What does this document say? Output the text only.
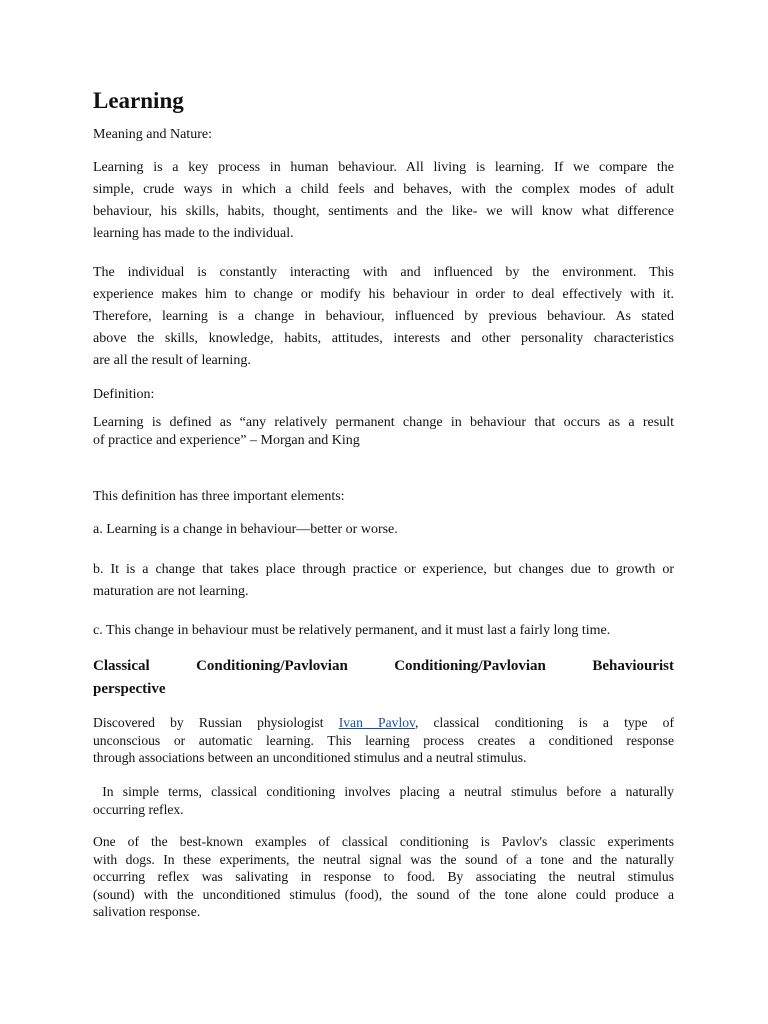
Learning
Meaning and Nature:
Learning is a key process in human behaviour. All living is learning. If we compare the
simple, crude ways in which a child feels and behaves, with the complex modes of adult
behaviour, his skills, habits, thought, sentiments and the like- we will know what difference
learning has made to the individual.
The individual is constantly interacting with and influenced by the environment. This
experience makes him to change or modify his behaviour in order to deal effectively with it.
Therefore, learning is a change in behaviour, influenced by previous behaviour. As stated
above the skills, knowledge, habits, attitudes, interests and other personality characteristics
are all the result of learning.
Definition:
Learning is defined as “any relatively permanent change in behaviour that occurs as a result
of practice and experience” – Morgan and King
This definition has three important elements:
a. Learning is a change in behaviour—better or worse.
b. It is a change that takes place through practice or experience, but changes due to growth or
maturation are not learning.
c. This change in behaviour must be relatively permanent, and it must last a fairly long time.
Classical Conditioning/Pavlovian Conditioning/Pavlovian Behaviourist
perspective
Discovered by Russian physiologist Ivan Pavlov, classical conditioning is a type of
unconscious or automatic learning. This learning process creates a conditioned response
through associations between an unconditioned stimulus and a neutral stimulus.
In simple terms, classical conditioning involves placing a neutral stimulus before a naturally
occurring reflex.
One of the best-known examples of classical conditioning is Pavlov's classic experiments
with dogs. In these experiments, the neutral signal was the sound of a tone and the naturally
occurring reflex was salivating in response to food. By associating the neutral stimulus
(sound) with the unconditioned stimulus (food), the sound of the tone alone could produce a
salivation response.
